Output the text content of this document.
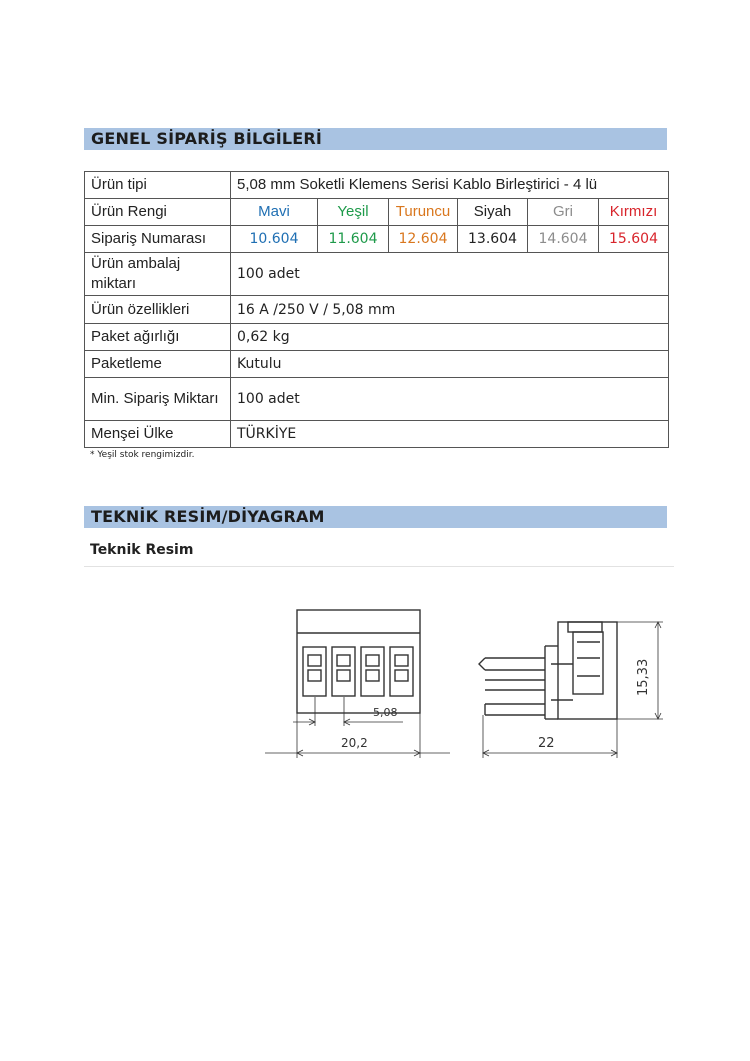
GENEL SİPARİŞ BİLGİLERİ
Ürün tipi	5,08 mm Soketli Klemens Serisi Kablo Birleştirici - 4 lü					
Ürün Rengi	Mavi	Yeşil	Turuncu	Siyah	Gri	Kırmızı
Sipariş Numarası	10.604	11.604	12.604	13.604	14.604	15.604
Ürün ambalaj miktarı	100 adet					
Ürün özellikleri	16 A /250 V / 5,08 mm					
Paket ağırlığı	0,62 kg					
Paketleme	Kutulu					
Min. Sipariş Miktarı	100 adet					
Menşei Ülke	TÜRKİYE					
* Yeşil stok rengimizdir.
TEKNİK RESİM/DİYAGRAM
Teknik Resim
5,08
20,2	22
15,33
